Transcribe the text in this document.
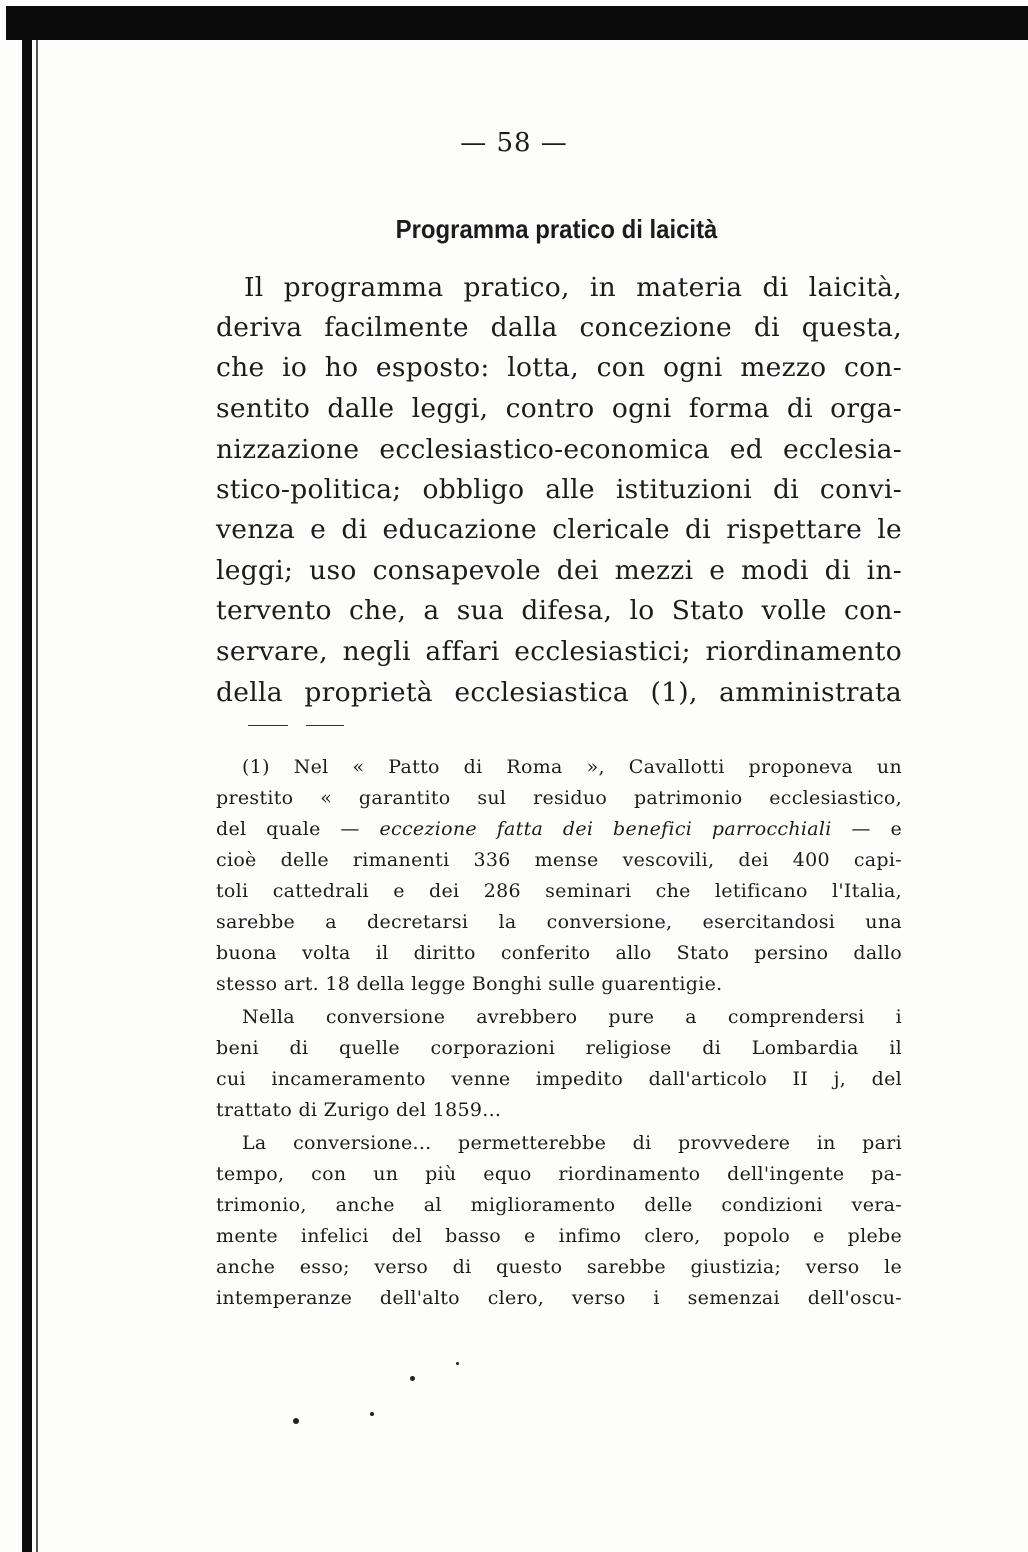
— 58 —
Programma pratico di laicità
Il programma pratico, in materia di laicità,
deriva facilmente dalla concezione di questa,
che io ho esposto: lotta, con ogni mezzo con-
sentito dalle leggi, contro ogni forma di orga-
nizzazione ecclesiastico-economica ed ecclesia-
stico-politica; obbligo alle istituzioni di convi-
venza e di educazione clericale di rispettare le
leggi; uso consapevole dei mezzi e modi di in-
tervento che, a sua difesa, lo Stato volle con-
servare, negli affari ecclesiastici; riordinamento
della proprietà ecclesiastica (1), amministrata
(1) Nel « Patto di Roma », Cavallotti proponeva un
prestito « garantito sul residuo patrimonio ecclesiastico,
del quale — eccezione fatta dei benefici parrocchiali — e
cioè delle rimanenti 336 mense vescovili, dei 400 capi-
toli cattedrali e dei 286 seminari che letificano l'Italia,
sarebbe a decretarsi la conversione, esercitandosi una
buona volta il diritto conferito allo Stato persino dallo
stesso art. 18 della legge Bonghi sulle guarentigie.
Nella conversione avrebbero pure a comprendersi i
beni di quelle corporazioni religiose di Lombardia il
cui incameramento venne impedito dall'articolo II j, del
trattato di Zurigo del 1859...
La conversione... permetterebbe di provvedere in pari
tempo, con un più equo riordinamento dell'ingente pa-
trimonio, anche al miglioramento delle condizioni vera-
mente infelici del basso e infimo clero, popolo e plebe
anche esso; verso di questo sarebbe giustizia; verso le
intemperanze dell'alto clero, verso i semenzai dell'oscu-
